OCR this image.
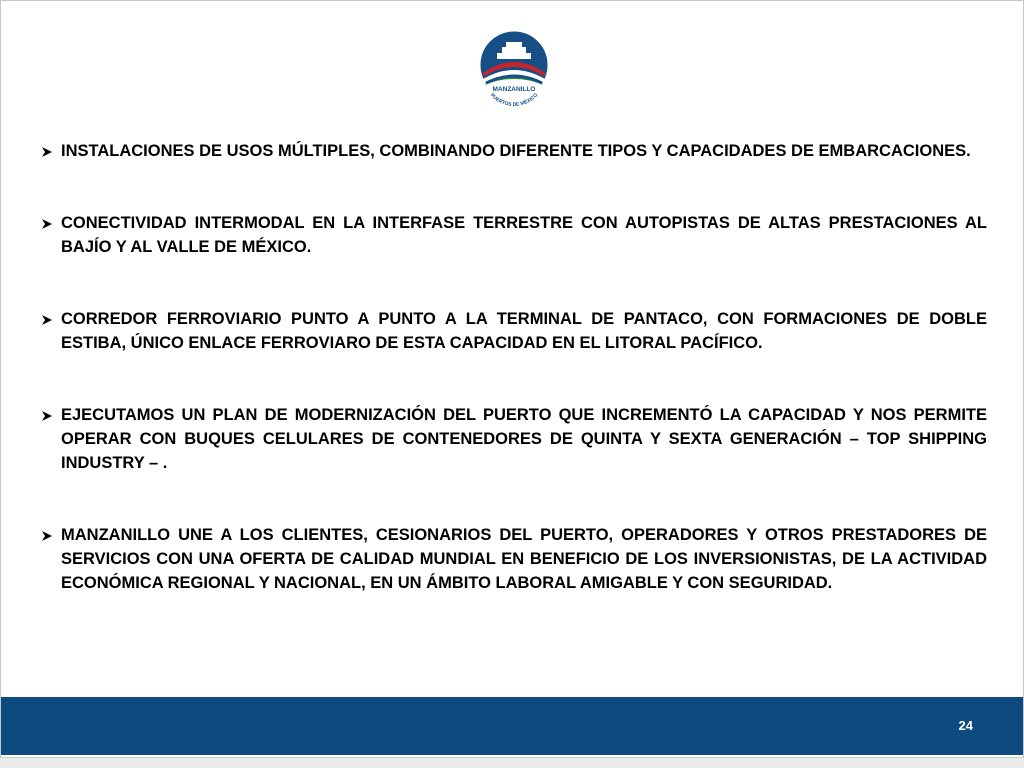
MANZANILLO
PUERTOS DE MÉXICO
INSTALACIONES DE USOS MÚLTIPLES, COMBINANDO DIFERENTE TIPOS Y CAPACIDADES DE EMBARCACIONES.
CONECTIVIDAD INTERMODAL EN LA INTERFASE TERRESTRE CON AUTOPISTAS DE ALTAS PRESTACIONES AL BAJÍO Y AL VALLE DE MÉXICO.
CORREDOR FERROVIARIO PUNTO A PUNTO A LA TERMINAL DE PANTACO, CON FORMACIONES DE DOBLE ESTIBA, ÚNICO ENLACE FERROVIARO DE ESTA CAPACIDAD EN EL LITORAL PACÍFICO.
EJECUTAMOS UN PLAN DE MODERNIZACIÓN DEL PUERTO QUE INCREMENTÓ LA CAPACIDAD Y NOS PERMITE OPERAR CON BUQUES CELULARES DE CONTENEDORES DE QUINTA Y SEXTA GENERACIÓN – TOP SHIPPING INDUSTRY – .
MANZANILLO UNE A LOS CLIENTES, CESIONARIOS DEL PUERTO, OPERADORES Y OTROS PRESTADORES DE SERVICIOS CON UNA OFERTA DE CALIDAD MUNDIAL EN BENEFICIO DE LOS INVERSIONISTAS, DE LA ACTIVIDAD ECONÓMICA REGIONAL Y NACIONAL, EN UN ÁMBITO LABORAL AMIGABLE Y CON SEGURIDAD.
24
